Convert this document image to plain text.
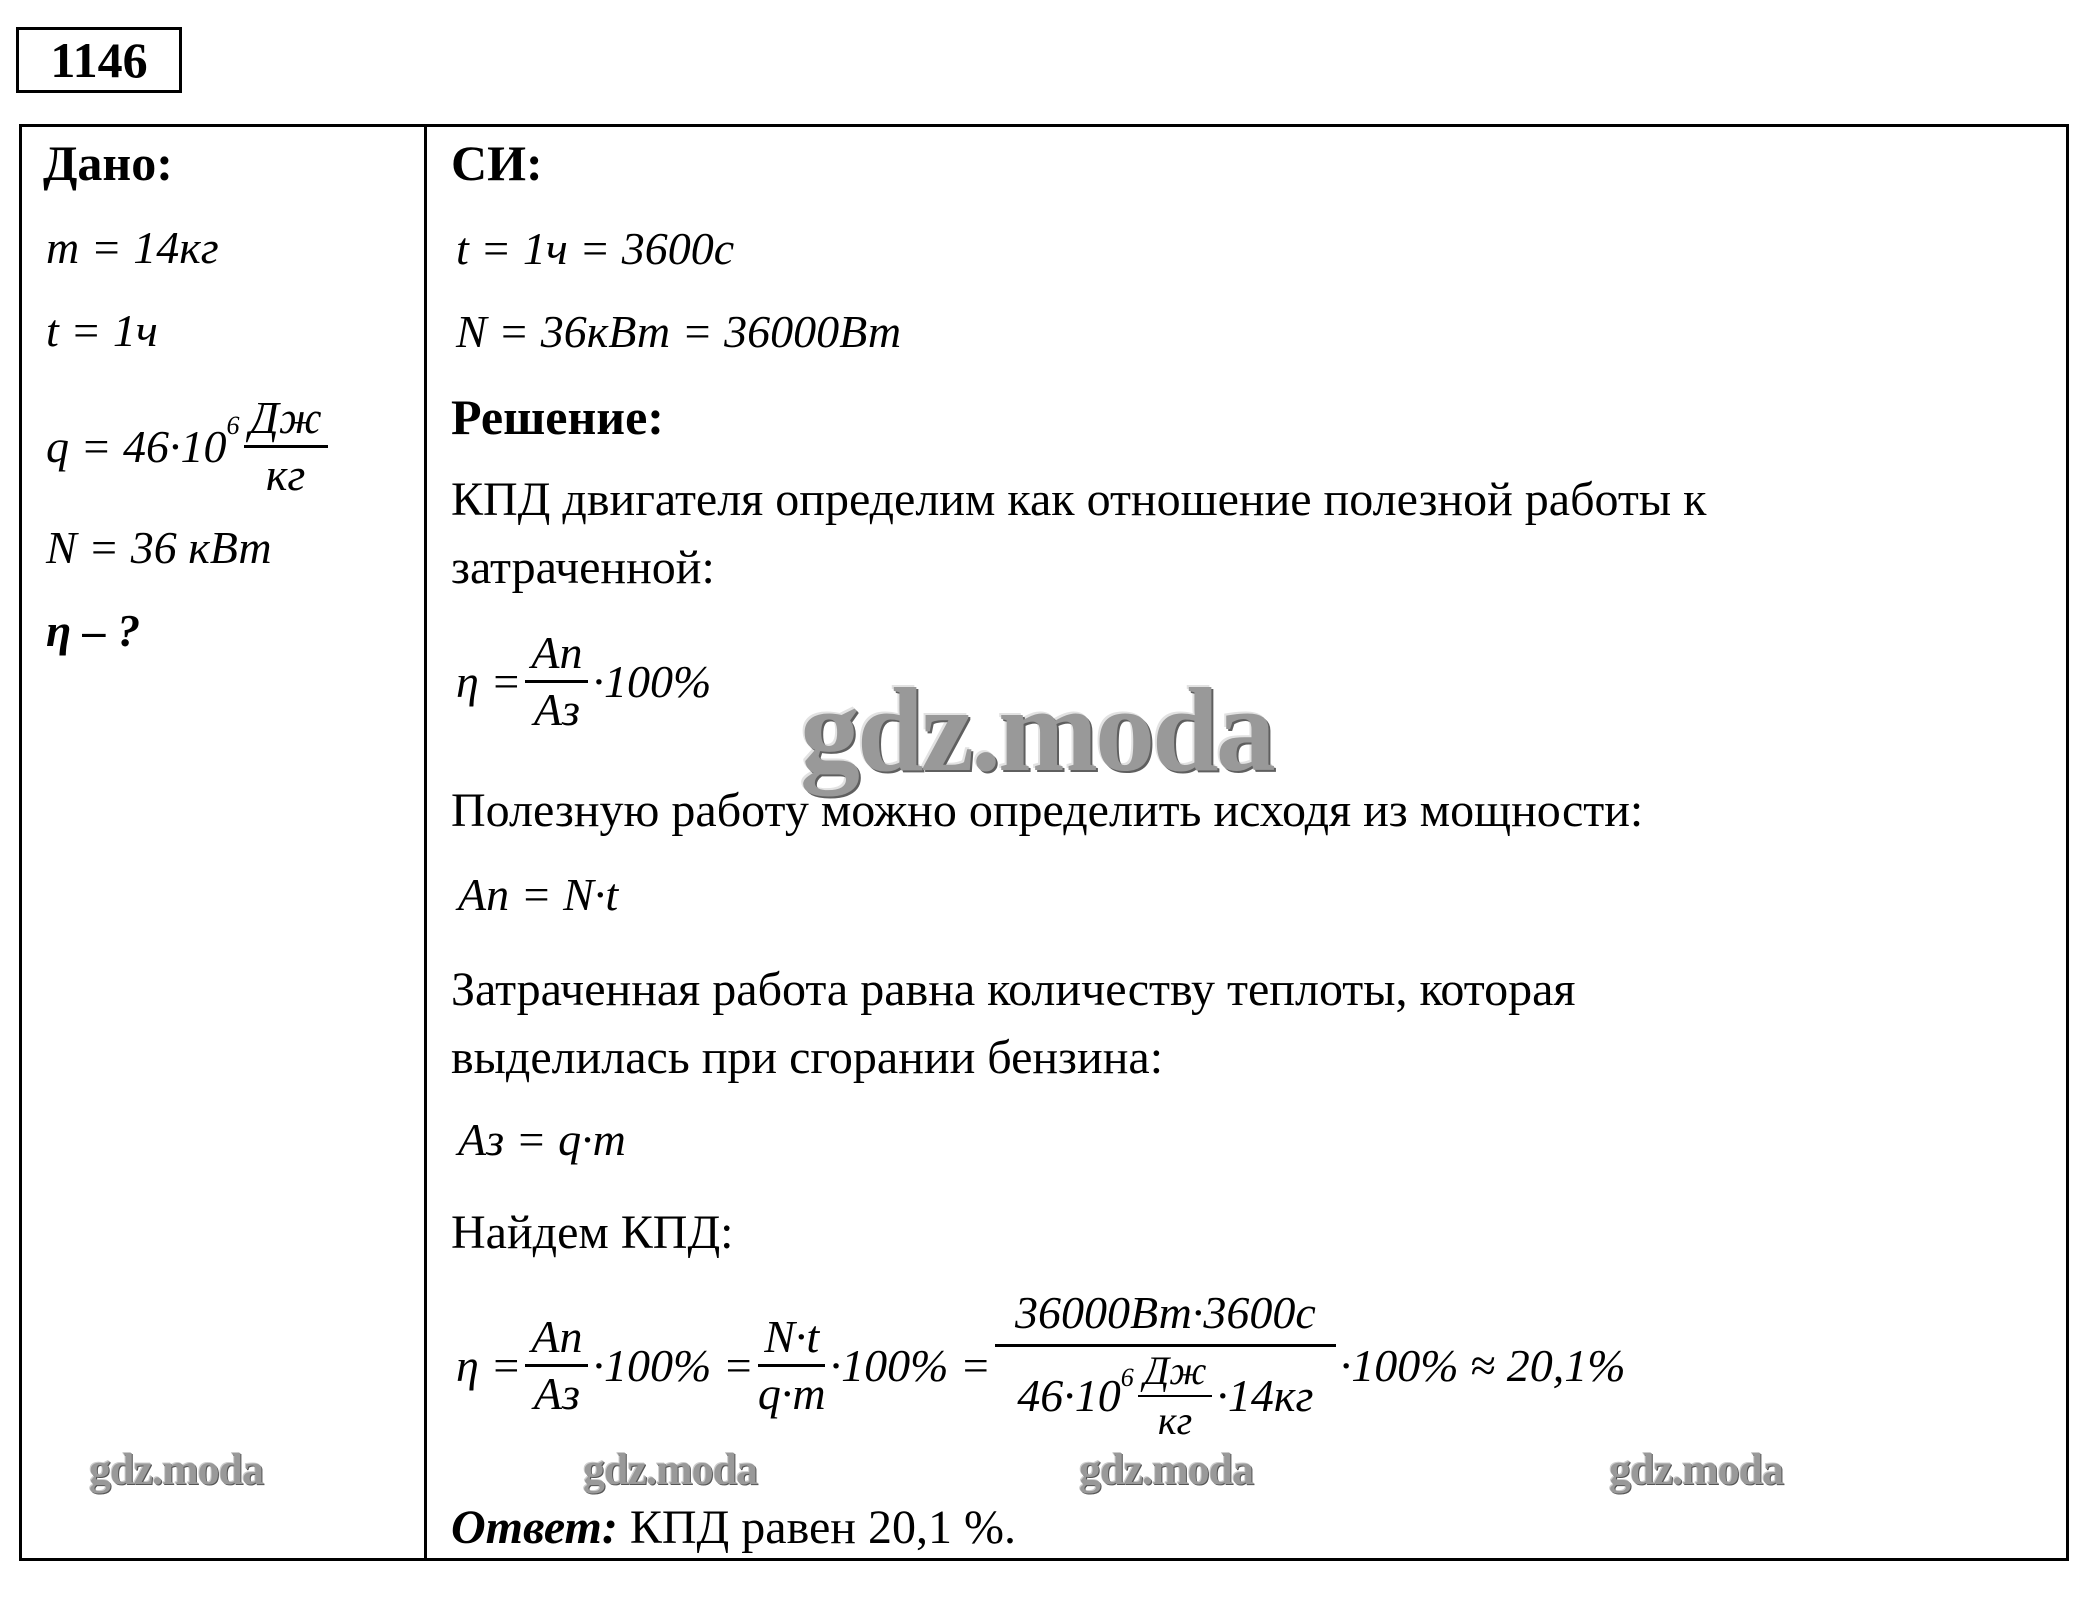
1146
Дано:
m = 14кг
t = 1ч
$q = 46\cdot 10^6 \frac{Дж}{кг}$
N = 36 кВт
η – ?
СИ:
t = 1ч = 3600с
N = 36кВт = 36000Вт
Решение:
КПД двигателя определим как отношение полезной работы к
затраченной:
$\eta = \frac{Aп}{Aз} \cdot 100\%$ gdz.moda
Полезную работу можно определить исходя из мощности:
Aп = N·t
Затраченная работа равна количеству теплоты, которая
выделилась при сгорании бензина:
Aз = q·m
Найдем КПД:
$\eta = \frac{Aп}{Aз} \cdot 100\% = \frac{N\cdot t}{q\cdot m} \cdot 100\% = \frac{36000Вт\cdot 3600с}{46\cdot 10^6 \frac{Дж}{кг} \cdot 14кг} \cdot 100\% \approx 20,1\%$
gdz.moda	gdz.moda	gdz.moda	gdz.moda
Ответ: КПД равен 20,1 %.
